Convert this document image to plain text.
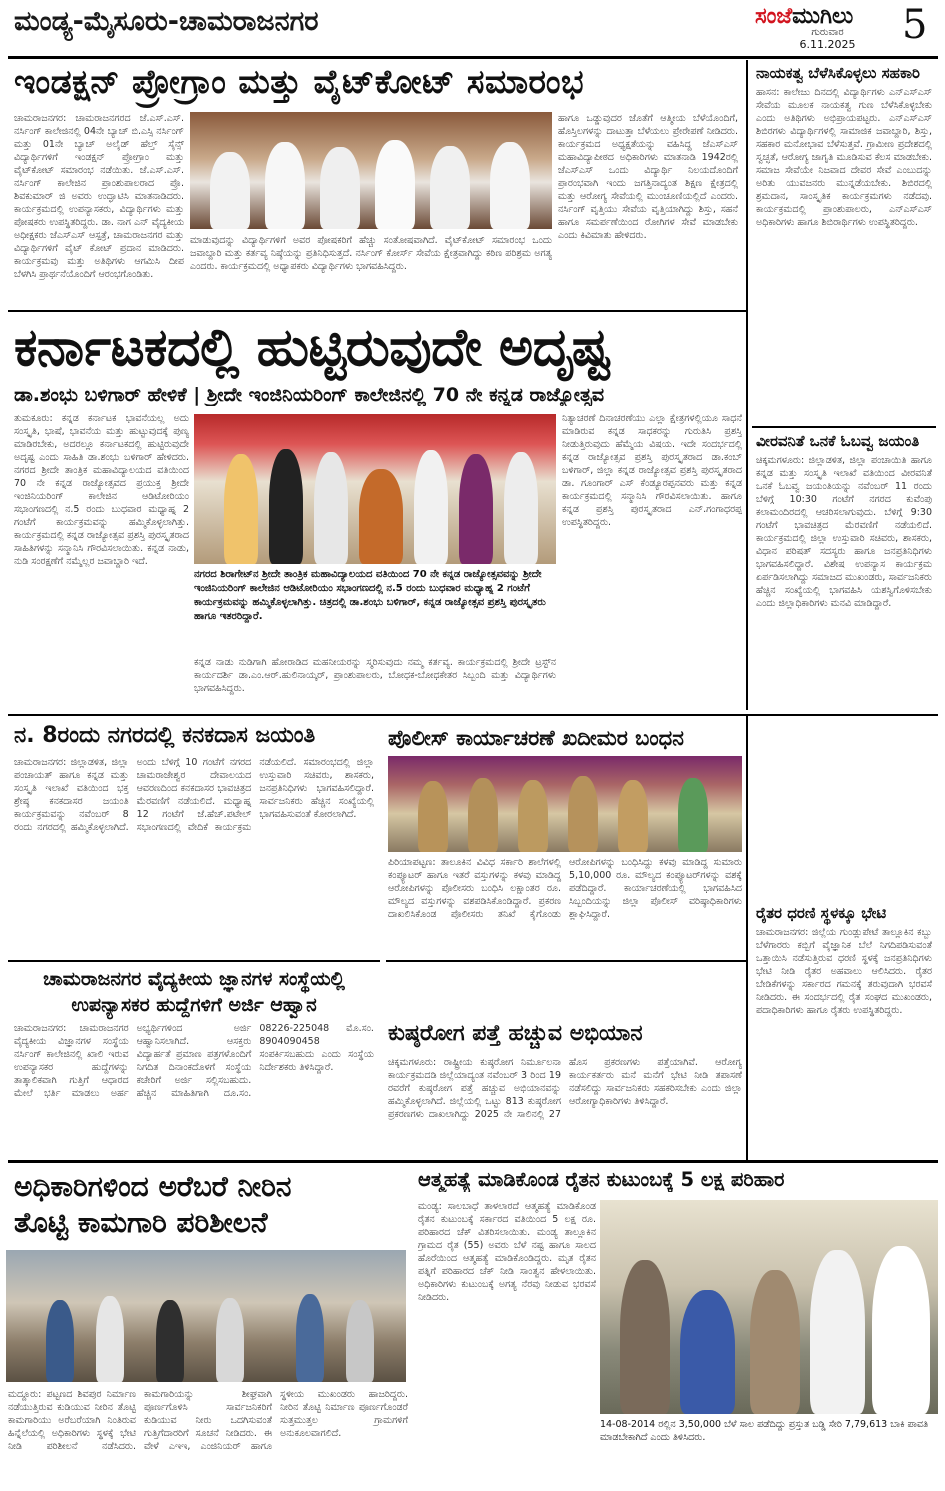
ಮಂಡ್ಯ-ಮೈಸೂರು-ಚಾಮರಾಜನಗರ	ಸಂಜೆಮುಗಿಲು
ಗುರುವಾರ
6.11.2025	5
ಇಂಡಕ್ಷನ್ ಪ್ರೋಗ್ರಾಂ ಮತ್ತು ವೈಟ್‌ಕೋಟ್ ಸಮಾರಂಭ
ಚಾಮರಾಜನಗರ: ಚಾಮರಾಜನಗರದ ಜೆ.ಎಸ್.ಎಸ್. ನರ್ಸಿಂಗ್ ಕಾಲೇಜಿನಲ್ಲಿ 04ನೇ ಬ್ಯಾಚ್ ಬಿ.ಎಸ್ಸಿ ನರ್ಸಿಂಗ್ ಮತ್ತು 01ನೇ ಬ್ಯಾಚ್ ಅಲೈಡ್ ಹೆಲ್ತ್ ಸೈನ್ಸ್ ವಿದ್ಯಾರ್ಥಿಗಳಿಗೆ ಇಂಡಕ್ಷನ್ ಪ್ರೋಗ್ರಾಂ ಮತ್ತು ವೈಟ್‌ಕೋಟ್ ಸಮಾರಂಭ ನಡೆಯಿತು. ಜೆ.ಎಸ್.ಎಸ್. ನರ್ಸಿಂಗ್ ಕಾಲೇಜಿನ ಪ್ರಾಂಶುಪಾಲರಾದ ಪ್ರೊ. ಶಿವಕುಮಾರ್ ಜಿ ಅವರು ಉದ್ಘಾಟಿಸಿ ಮಾತನಾಡಿದರು. ಕಾರ್ಯಕ್ರಮದಲ್ಲಿ ಉಪನ್ಯಾಸಕರು, ವಿದ್ಯಾರ್ಥಿಗಳು ಮತ್ತು ಪೋಷಕರು ಉಪಸ್ಥಿತರಿದ್ದರು. ಡಾ. ನಾಗ ಎನ್ ವೈದ್ಯಕೀಯ ಅಧೀಕ್ಷಕರು ಜೆಎಸ್‌ಎಸ್ ಆಸ್ಪತ್ರೆ, ಚಾಮರಾಜನಗರ ಮತ್ತು ವಿದ್ಯಾರ್ಥಿಗಳಿಗೆ ವೈಟ್ ಕೋಟ್ ಪ್ರದಾನ ಮಾಡಿದರು. ಕಾರ್ಯಕ್ರಮವು ಮತ್ತು ಅತಿಥಿಗಳು ಆಗಮಿಸಿ ದೀಪ ಬೆಳಗಿಸಿ ಪ್ರಾರ್ಥನೆಯೊಂದಿಗೆ ಆರಂಭಗೊಂಡಿತು.
ಮಾಡುವುದನ್ನು ವಿದ್ಯಾರ್ಥಿಗಳಿಗೆ ಅವರ ಪೋಷಕರಿಗೆ ಹೆಚ್ಚು ಸಂತೋಷವಾಗಿದೆ. ವೈಟ್‌ಕೋಟ್ ಸಮಾರಂಭ ಒಂದು ಜವಾಬ್ದಾರಿ ಮತ್ತು ಕರ್ತವ್ಯ ನಿಷ್ಠೆಯನ್ನು ಪ್ರತಿನಿಧಿಸುತ್ತದೆ. ನರ್ಸಿಂಗ್ ಕೋರ್ಸ್ ಸೇವೆಯ ಕ್ಷೇತ್ರವಾಗಿದ್ದು ಕಠಿಣ ಪರಿಶ್ರಮ ಅಗತ್ಯ ಎಂದರು. ಕಾರ್ಯಕ್ರಮದಲ್ಲಿ ಅಧ್ಯಾಪಕರು ವಿದ್ಯಾರ್ಥಿಗಳು ಭಾಗವಹಿಸಿದ್ದರು.
ಹಾಗೂ ಒಡ್ಡುವುದರ ಜೊತೆಗೆ ಆತ್ಮೀಯ ಬೆಳೆಯೊಂದಿಗೆ, ಹೊಸ್ತಿಲಗಳನ್ನು ದಾಟುತ್ತಾ ಬೆಳೆಯಲು ಪ್ರೇರೇಪಣೆ ನೀಡಿದರು. ಕಾರ್ಯಕ್ರಮದ ಅಧ್ಯಕ್ಷತೆಯನ್ನು ವಹಿಸಿದ್ದ ಜೆಎಸ್‌ಎಸ್ ಮಹಾವಿದ್ಯಾಪೀಠದ ಅಧಿಕಾರಿಗಳು ಮಾತನಾಡಿ 1942ರಲ್ಲಿ ಜೆಎಸ್‌ಎಸ್ ಒಂದು ವಿದ್ಯಾರ್ಥಿ ನಿಲಯದೊಂದಿಗೆ ಪ್ರಾರಂಭವಾಗಿ ಇಂದು ಜಗತ್ತಿನಾದ್ಯಂತ ಶಿಕ್ಷಣ ಕ್ಷೇತ್ರದಲ್ಲಿ ಮತ್ತು ಆರೋಗ್ಯ ಸೇವೆಯಲ್ಲಿ ಮುಂಚೂಣಿಯಲ್ಲಿದೆ ಎಂದರು. ನರ್ಸಿಂಗ್ ವೃತ್ತಿಯು ಸೇವೆಯ ವೃತ್ತಿಯಾಗಿದ್ದು ಶಿಸ್ತು, ಸಹನೆ ಹಾಗೂ ಸಮರ್ಪಣೆಯಿಂದ ರೋಗಿಗಳ ಸೇವೆ ಮಾಡಬೇಕು ಎಂದು ಕಿವಿಮಾತು ಹೇಳಿದರು.
ಕರ್ನಾಟಕದಲ್ಲಿ ಹುಟ್ಟಿರುವುದೇ ಅದೃಷ್ಟ
ಡಾ.ಶಂಭು ಬಳಿಗಾರ್ ಹೇಳಿಕೆ | ಶ್ರೀದೇ ಇಂಜಿನಿಯರಿಂಗ್ ಕಾಲೇಜಿನಲ್ಲಿ 70 ನೇ ಕನ್ನಡ ರಾಜ್ಯೋತ್ಸವ
ತುಮಕೂರು: ಕನ್ನಡ ಕರ್ನಾಟಕ ಭಾವನೆಯಲ್ಲ ಅದು ಸಂಸ್ಕೃತಿ, ಭಾಷೆ, ಭಾವನೆಯ ಮತ್ತು ಹುಟ್ಟುವುದಕ್ಕೆ ಪುಣ್ಯ ಮಾಡಿರಬೇಕು, ಅದರಲ್ಲೂ ಕರ್ನಾಟಕದಲ್ಲಿ ಹುಟ್ಟಿರುವುದೇ ಅದೃಷ್ಟ ಎಂದು ಸಾಹಿತಿ ಡಾ.ಶಂಭು ಬಳಿಗಾರ್ ಹೇಳಿದರು. ನಗರದ ಶ್ರೀದೇ ತಾಂತ್ರಿಕ ಮಹಾವಿದ್ಯಾಲಯದ ವತಿಯಿಂದ 70 ನೇ ಕನ್ನಡ ರಾಜ್ಯೋತ್ಸವದ ಪ್ರಯುಕ್ತ ಶ್ರೀದೇ ಇಂಜಿನಿಯರಿಂಗ್ ಕಾಲೇಜಿನ ಆಡಿಟೋರಿಯಂ ಸಭಾಂಗಣದಲ್ಲಿ ನ.5 ರಂದು ಬುಧವಾರ ಮಧ್ಯಾಹ್ನ 2 ಗಂಟೆಗೆ ಕಾರ್ಯಕ್ರಮವನ್ನು ಹಮ್ಮಿಕೊಳ್ಳಲಾಗಿತ್ತು. ಕಾರ್ಯಕ್ರಮದಲ್ಲಿ ಕನ್ನಡ ರಾಜ್ಯೋತ್ಸವ ಪ್ರಶಸ್ತಿ ಪುರಸ್ಕೃತರಾದ ಸಾಹಿತಿಗಳನ್ನು ಸನ್ಮಾನಿಸಿ ಗೌರವಿಸಲಾಯಿತು. ಕನ್ನಡ ನಾಡು, ನುಡಿ ಸಂರಕ್ಷಣೆಗೆ ನಮ್ಮೆಲ್ಲರ ಜವಾಬ್ದಾರಿ ಇದೆ.
ನಗರದ ಶಿರಾಗೇಟ್‌ನ ಶ್ರೀದೇ ತಾಂತ್ರಿಕ ಮಹಾವಿದ್ಯಾಲಯದ ವತಿಯಿಂದ 70 ನೇ ಕನ್ನಡ ರಾಜ್ಯೋತ್ಸವವನ್ನು ಶ್ರೀದೇ ಇಂಜಿನಿಯರಿಂಗ್ ಕಾಲೇಜಿನ ಆಡಿಟೋರಿಯಂ ಸಭಾಂಗಣದಲ್ಲಿ ನ.5 ರಂದು ಬುಧವಾರ ಮಧ್ಯಾಹ್ನ 2 ಗಂಟೆಗೆ ಕಾರ್ಯಕ್ರಮವನ್ನು ಹಮ್ಮಿಕೊಳ್ಳಲಾಗಿತ್ತು. ಚಿತ್ರದಲ್ಲಿ ಡಾ.ಶಂಭು ಬಳಿಗಾರ್, ಕನ್ನಡ ರಾಜ್ಯೋತ್ಸವ ಪ್ರಶಸ್ತಿ ಪುರಸ್ಕೃತರು ಹಾಗೂ ಇತರರಿದ್ದಾರೆ.
ನಿತ್ಯಾಚರಣೆ ದಿನಾಚರಣೆಯು ಎಲ್ಲಾ ಕ್ಷೇತ್ರಗಳಲ್ಲಿಯೂ ಸಾಧನೆ ಮಾಡಿರುವ ಕನ್ನಡ ಸಾಧಕರನ್ನು ಗುರುತಿಸಿ ಪ್ರಶಸ್ತಿ ನೀಡುತ್ತಿರುವುದು ಹೆಮ್ಮೆಯ ವಿಷಯ. ಇದೇ ಸಂದರ್ಭದಲ್ಲಿ ಕನ್ನಡ ರಾಜ್ಯೋತ್ಸವ ಪ್ರಶಸ್ತಿ ಪುರಸ್ಕೃತರಾದ ಡಾ.ಕಂಬ್ ಬಳಿಗಾರ್, ಜಿಲ್ಲಾ ಕನ್ನಡ ರಾಜ್ಯೋತ್ಸವ ಪ್ರಶಸ್ತಿ ಪುರಸ್ಕೃತರಾದ ಡಾ. ಗೂಂಗಾರ್ ಎಸ್ ಕೆಂಡ್ಯೂರಪ್ಪನವರು ಮತ್ತು ಕನ್ನಡ ಕಾರ್ಯಕ್ರಮದಲ್ಲಿ ಸನ್ಮಾನಿಸಿ ಗೌರವಿಸಲಾಯಿತು. ಹಾಗೂ ಕನ್ನಡ ಪ್ರಶಸ್ತಿ ಪುರಸ್ಕೃತರಾದ ಎನ್.ಗಂಗಾಧರಪ್ಪ ಉಪಸ್ಥಿತರಿದ್ದರು.
ಕನ್ನಡ ನಾಡು ನುಡಿಗಾಗಿ ಹೋರಾಡಿದ ಮಹನೀಯರನ್ನು ಸ್ಮರಿಸುವುದು ನಮ್ಮ ಕರ್ತವ್ಯ. ಕಾರ್ಯಕ್ರಮದಲ್ಲಿ ಶ್ರೀದೇ ಟ್ರಸ್ಟ್‌ನ ಕಾರ್ಯದರ್ಶಿ ಡಾ.ಎಂ.ಆರ್.ಹುಲಿನಾಯ್ಕರ್, ಪ್ರಾಂಶುಪಾಲರು, ಬೋಧಕ-ಬೋಧಕೇತರ ಸಿಬ್ಬಂದಿ ಮತ್ತು ವಿದ್ಯಾರ್ಥಿಗಳು ಭಾಗವಹಿಸಿದ್ದರು.
ನಾಯಕತ್ವ ಬೆಳೆಸಿಕೊಳ್ಳಲು ಸಹಕಾರಿ
ಹಾಸನ: ಕಾಲೇಜು ದಿನದಲ್ಲಿ ವಿದ್ಯಾರ್ಥಿಗಳು ಎನ್‌ಎಸ್‌ಎಸ್ ಸೇವೆಯ ಮೂಲಕ ನಾಯಕತ್ವ ಗುಣ ಬೆಳೆಸಿಕೊಳ್ಳಬೇಕು ಎಂದು ಅತಿಥಿಗಳು ಅಭಿಪ್ರಾಯಪಟ್ಟರು. ಎನ್‌ಎಸ್‌ಎಸ್ ಶಿಬಿರಗಳು ವಿದ್ಯಾರ್ಥಿಗಳಲ್ಲಿ ಸಾಮಾಜಿಕ ಜವಾಬ್ದಾರಿ, ಶಿಸ್ತು, ಸಹಕಾರ ಮನೋಭಾವ ಬೆಳೆಸುತ್ತವೆ. ಗ್ರಾಮೀಣ ಪ್ರದೇಶದಲ್ಲಿ ಸ್ವಚ್ಛತೆ, ಆರೋಗ್ಯ ಜಾಗೃತಿ ಮೂಡಿಸುವ ಕೆಲಸ ಮಾಡಬೇಕು. ಸಮಾಜ ಸೇವೆಯೇ ನಿಜವಾದ ದೇವರ ಸೇವೆ ಎಂಬುದನ್ನು ಅರಿತು ಯುವಜನರು ಮುನ್ನಡೆಯಬೇಕು. ಶಿಬಿರದಲ್ಲಿ ಶ್ರಮದಾನ, ಸಾಂಸ್ಕೃತಿಕ ಕಾರ್ಯಕ್ರಮಗಳು ನಡೆದವು. ಕಾರ್ಯಕ್ರಮದಲ್ಲಿ ಪ್ರಾಂಶುಪಾಲರು, ಎನ್‌ಎಸ್‌ಎಸ್ ಅಧಿಕಾರಿಗಳು ಹಾಗೂ ಶಿಬಿರಾರ್ಥಿಗಳು ಉಪಸ್ಥಿತರಿದ್ದರು.
ವೀರವನಿತೆ ಒನಕೆ ಓಬವ್ವ ಜಯಂತಿ
ಚಿಕ್ಕಮಗಳೂರು: ಜಿಲ್ಲಾಡಳಿತ, ಜಿಲ್ಲಾ ಪಂಚಾಯಿತಿ ಹಾಗೂ ಕನ್ನಡ ಮತ್ತು ಸಂಸ್ಕೃತಿ ಇಲಾಖೆ ವತಿಯಿಂದ ವೀರವನಿತೆ ಒನಕೆ ಓಬವ್ವ ಜಯಂತಿಯನ್ನು ನವೆಂಬರ್ 11 ರಂದು ಬೆಳಿಗ್ಗೆ 10:30 ಗಂಟೆಗೆ ನಗರದ ಕುವೆಂಪು ಕಲಾಮಂದಿರದಲ್ಲಿ ಆಚರಿಸಲಾಗುವುದು. ಬೆಳಿಗ್ಗೆ 9:30 ಗಂಟೆಗೆ ಭಾವಚಿತ್ರದ ಮೆರವಣಿಗೆ ನಡೆಯಲಿದೆ. ಕಾರ್ಯಕ್ರಮದಲ್ಲಿ ಜಿಲ್ಲಾ ಉಸ್ತುವಾರಿ ಸಚಿವರು, ಶಾಸಕರು, ವಿಧಾನ ಪರಿಷತ್ ಸದಸ್ಯರು ಹಾಗೂ ಜನಪ್ರತಿನಿಧಿಗಳು ಭಾಗವಹಿಸಲಿದ್ದಾರೆ. ವಿಶೇಷ ಉಪನ್ಯಾಸ ಕಾರ್ಯಕ್ರಮ ಏರ್ಪಡಿಸಲಾಗಿದ್ದು ಸಮಾಜದ ಮುಖಂಡರು, ಸಾರ್ವಜನಿಕರು ಹೆಚ್ಚಿನ ಸಂಖ್ಯೆಯಲ್ಲಿ ಭಾಗವಹಿಸಿ ಯಶಸ್ವಿಗೊಳಿಸಬೇಕು ಎಂದು ಜಿಲ್ಲಾಧಿಕಾರಿಗಳು ಮನವಿ ಮಾಡಿದ್ದಾರೆ.
ನ. 8ರಂದು ನಗರದಲ್ಲಿ ಕನಕದಾಸ ಜಯಂತಿ
ಚಾಮರಾಜನಗರ: ಜಿಲ್ಲಾಡಳಿತ, ಜಿಲ್ಲಾ ಪಂಚಾಯತ್ ಹಾಗೂ ಕನ್ನಡ ಮತ್ತು ಸಂಸ್ಕೃತಿ ಇಲಾಖೆ ವತಿಯಿಂದ ಭಕ್ತ ಶ್ರೇಷ್ಠ ಕನಕದಾಸರ ಜಯಂತಿ ಕಾರ್ಯಕ್ರಮವನ್ನು ನವೆಂಬರ್ 8 ರಂದು ನಗರದಲ್ಲಿ ಹಮ್ಮಿಕೊಳ್ಳಲಾಗಿದೆ. ಅಂದು ಬೆಳಿಗ್ಗೆ 10 ಗಂಟೆಗೆ ನಗರದ ಚಾಮರಾಜೇಶ್ವರ ದೇವಾಲಯದ ಆವರಣದಿಂದ ಕನಕದಾಸರ ಭಾವಚಿತ್ರದ ಮೆರವಣಿಗೆ ನಡೆಯಲಿದೆ. ಮಧ್ಯಾಹ್ನ 12 ಗಂಟೆಗೆ ಜೆ.ಹೆಚ್.ಪಟೇಲ್ ಸಭಾಂಗಣದಲ್ಲಿ ವೇದಿಕೆ ಕಾರ್ಯಕ್ರಮ ನಡೆಯಲಿದೆ. ಸಮಾರಂಭದಲ್ಲಿ ಜಿಲ್ಲಾ ಉಸ್ತುವಾರಿ ಸಚಿವರು, ಶಾಸಕರು, ಜನಪ್ರತಿನಿಧಿಗಳು ಭಾಗವಹಿಸಲಿದ್ದಾರೆ. ಸಾರ್ವಜನಿಕರು ಹೆಚ್ಚಿನ ಸಂಖ್ಯೆಯಲ್ಲಿ ಭಾಗವಹಿಸುವಂತೆ ಕೋರಲಾಗಿದೆ.
ಪೊಲೀಸ್ ಕಾರ್ಯಾಚರಣೆ ಖದೀಮರ ಬಂಧನ
ಪಿರಿಯಾಪಟ್ಟಣ: ತಾಲೂಕಿನ ವಿವಿಧ ಸರ್ಕಾರಿ ಶಾಲೆಗಳಲ್ಲಿ ಕಂಪ್ಯೂಟರ್ ಹಾಗೂ ಇತರೆ ವಸ್ತುಗಳನ್ನು ಕಳವು ಮಾಡಿದ್ದ ಆರೋಪಿಗಳನ್ನು ಪೊಲೀಸರು ಬಂಧಿಸಿ ಲಕ್ಷಾಂತರ ರೂ. ಮೌಲ್ಯದ ವಸ್ತುಗಳನ್ನು ವಶಪಡಿಸಿಕೊಂಡಿದ್ದಾರೆ. ಪ್ರಕರಣ ದಾಖಲಿಸಿಕೊಂಡ ಪೊಲೀಸರು ತನಿಖೆ ಕೈಗೊಂಡು ಆರೋಪಿಗಳನ್ನು ಬಂಧಿಸಿದ್ದು ಕಳವು ಮಾಡಿದ್ದ ಸುಮಾರು 5,10,000 ರೂ. ಮೌಲ್ಯದ ಕಂಪ್ಯೂಟರ್‌ಗಳನ್ನು ವಶಕ್ಕೆ ಪಡೆದಿದ್ದಾರೆ. ಕಾರ್ಯಾಚರಣೆಯಲ್ಲಿ ಭಾಗವಹಿಸಿದ ಸಿಬ್ಬಂದಿಯನ್ನು ಜಿಲ್ಲಾ ಪೊಲೀಸ್ ವರಿಷ್ಠಾಧಿಕಾರಿಗಳು ಶ್ಲಾಘಿಸಿದ್ದಾರೆ.
ಚಾಮರಾಜನಗರ ವೈದ್ಯಕೀಯ ಜ್ಞಾನಗಳ ಸಂಸ್ಥೆಯಲ್ಲಿ ಉಪನ್ಯಾಸಕರ ಹುದ್ದೆಗಳಿಗೆ ಅರ್ಜಿ ಆಹ್ವಾನ
ಚಾಮರಾಜನಗರ: ಚಾಮರಾಜನಗರ ವೈದ್ಯಕೀಯ ವಿಜ್ಞಾನಗಳ ಸಂಸ್ಥೆಯ ನರ್ಸಿಂಗ್ ಕಾಲೇಜಿನಲ್ಲಿ ಖಾಲಿ ಇರುವ ಉಪನ್ಯಾಸಕರ ಹುದ್ದೆಗಳನ್ನು ತಾತ್ಕಾಲಿಕವಾಗಿ ಗುತ್ತಿಗೆ ಆಧಾರದ ಮೇಲೆ ಭರ್ತಿ ಮಾಡಲು ಅರ್ಹ ಅಭ್ಯರ್ಥಿಗಳಿಂದ ಅರ್ಜಿ ಆಹ್ವಾನಿಸಲಾಗಿದೆ. ಆಸಕ್ತರು ವಿದ್ಯಾರ್ಹತೆ ಪ್ರಮಾಣ ಪತ್ರಗಳೊಂದಿಗೆ ನಿಗದಿತ ದಿನಾಂಕದೊಳಗೆ ಸಂಸ್ಥೆಯ ಕಚೇರಿಗೆ ಅರ್ಜಿ ಸಲ್ಲಿಸಬಹುದು. ಹೆಚ್ಚಿನ ಮಾಹಿತಿಗಾಗಿ ದೂ.ಸಂ. 08226-225048 ಮೊ.ಸಂ. 8904090458 ಸಂಪರ್ಕಿಸಬಹುದು ಎಂದು ಸಂಸ್ಥೆಯ ನಿರ್ದೇಶಕರು ತಿಳಿಸಿದ್ದಾರೆ.
ಕುಷ್ಠರೋಗ ಪತ್ತೆ ಹಚ್ಚುವ ಅಭಿಯಾನ
ಚಿಕ್ಕಮಗಳೂರು: ರಾಷ್ಟ್ರೀಯ ಕುಷ್ಠರೋಗ ನಿರ್ಮೂಲನಾ ಕಾರ್ಯಕ್ರಮದಡಿ ಜಿಲ್ಲೆಯಾದ್ಯಂತ ನವೆಂಬರ್ 3 ರಿಂದ 19 ರವರೆಗೆ ಕುಷ್ಠರೋಗ ಪತ್ತೆ ಹಚ್ಚುವ ಅಭಿಯಾನವನ್ನು ಹಮ್ಮಿಕೊಳ್ಳಲಾಗಿದೆ. ಜಿಲ್ಲೆಯಲ್ಲಿ ಒಟ್ಟು 813 ಕುಷ್ಠರೋಗ ಪ್ರಕರಣಗಳು ದಾಖಲಾಗಿದ್ದು 2025 ನೇ ಸಾಲಿನಲ್ಲಿ 27 ಹೊಸ ಪ್ರಕರಣಗಳು ಪತ್ತೆಯಾಗಿವೆ. ಆರೋಗ್ಯ ಕಾರ್ಯಕರ್ತರು ಮನೆ ಮನೆಗೆ ಭೇಟಿ ನೀಡಿ ತಪಾಸಣೆ ನಡೆಸಲಿದ್ದು ಸಾರ್ವಜನಿಕರು ಸಹಕರಿಸಬೇಕು ಎಂದು ಜಿಲ್ಲಾ ಆರೋಗ್ಯಾಧಿಕಾರಿಗಳು ತಿಳಿಸಿದ್ದಾರೆ.
ರೈತರ ಧರಣಿ ಸ್ಥಳಕ್ಕೂ ಭೇಟಿ
ಚಾಮರಾಜನಗರ: ಜಿಲ್ಲೆಯ ಗುಂಡ್ಲುಪೇಟೆ ತಾಲ್ಲೂಕಿನ ಕಬ್ಬು ಬೆಳೆಗಾರರು ಕಬ್ಬಿಗೆ ವೈಜ್ಞಾನಿಕ ಬೆಲೆ ನಿಗದಿಪಡಿಸುವಂತೆ ಒತ್ತಾಯಿಸಿ ನಡೆಸುತ್ತಿರುವ ಧರಣಿ ಸ್ಥಳಕ್ಕೆ ಜನಪ್ರತಿನಿಧಿಗಳು ಭೇಟಿ ನೀಡಿ ರೈತರ ಅಹವಾಲು ಆಲಿಸಿದರು. ರೈತರ ಬೇಡಿಕೆಗಳನ್ನು ಸರ್ಕಾರದ ಗಮನಕ್ಕೆ ತರುವುದಾಗಿ ಭರವಸೆ ನೀಡಿದರು. ಈ ಸಂದರ್ಭದಲ್ಲಿ ರೈತ ಸಂಘದ ಮುಖಂಡರು, ಪದಾಧಿಕಾರಿಗಳು ಹಾಗೂ ರೈತರು ಉಪಸ್ಥಿತರಿದ್ದರು.
ಅಧಿಕಾರಿಗಳಿಂದ ಅರೆಬರೆ ನೀರಿನ
ತೊಟ್ಟಿ ಕಾಮಗಾರಿ ಪರಿಶೀಲನೆ
ಮದ್ದೂರು: ಪಟ್ಟಣದ ಶಿವಪುರ ನಿರ್ಮಾಣ ನಡೆಯುತ್ತಿರುವ ಕುಡಿಯುವ ನೀರಿನ ತೊಟ್ಟಿ ಕಾಮಗಾರಿಯು ಅರೆಬರೆಯಾಗಿ ನಿಂತಿರುವ ಹಿನ್ನೆಲೆಯಲ್ಲಿ ಅಧಿಕಾರಿಗಳು ಸ್ಥಳಕ್ಕೆ ಭೇಟಿ ನೀಡಿ ಪರಿಶೀಲನೆ ನಡೆಸಿದರು. ಕಾಮಗಾರಿಯನ್ನು ಶೀಘ್ರವಾಗಿ ಪೂರ್ಣಗೊಳಿಸಿ ಸಾರ್ವಜನಿಕರಿಗೆ ಕುಡಿಯುವ ನೀರು ಒದಗಿಸುವಂತೆ ಗುತ್ತಿಗೆದಾರರಿಗೆ ಸೂಚನೆ ನೀಡಿದರು. ಈ ವೇಳೆ ಎಇಇ, ಎಂಜಿನಿಯರ್ ಹಾಗೂ ಸ್ಥಳೀಯ ಮುಖಂಡರು ಹಾಜರಿದ್ದರು. ನೀರಿನ ತೊಟ್ಟಿ ನಿರ್ಮಾಣ ಪೂರ್ಣಗೊಂಡರೆ ಸುತ್ತಮುತ್ತಲ ಗ್ರಾಮಗಳಿಗೆ ಅನುಕೂಲವಾಗಲಿದೆ.
ಆತ್ಮಹತ್ಯೆ ಮಾಡಿಕೊಂಡ ರೈತನ ಕುಟುಂಬಕ್ಕೆ 5 ಲಕ್ಷ ಪರಿಹಾರ
ಮಂಡ್ಯ: ಸಾಲಬಾಧೆ ತಾಳಲಾರದೆ ಆತ್ಮಹತ್ಯೆ ಮಾಡಿಕೊಂಡ ರೈತನ ಕುಟುಂಬಕ್ಕೆ ಸರ್ಕಾರದ ವತಿಯಿಂದ 5 ಲಕ್ಷ ರೂ. ಪರಿಹಾರದ ಚೆಕ್ ವಿತರಿಸಲಾಯಿತು. ಮಂಡ್ಯ ತಾಲ್ಲೂಕಿನ ಗ್ರಾಮದ ರೈತ (55) ಅವರು ಬೆಳೆ ನಷ್ಟ ಹಾಗೂ ಸಾಲದ ಹೊರೆಯಿಂದ ಆತ್ಮಹತ್ಯೆ ಮಾಡಿಕೊಂಡಿದ್ದರು. ಮೃತ ರೈತನ ಪತ್ನಿಗೆ ಪರಿಹಾರದ ಚೆಕ್ ನೀಡಿ ಸಾಂತ್ವನ ಹೇಳಲಾಯಿತು. ಅಧಿಕಾರಿಗಳು ಕುಟುಂಬಕ್ಕೆ ಅಗತ್ಯ ನೆರವು ನೀಡುವ ಭರವಸೆ ನೀಡಿದರು.
14-08-2014 ರಲ್ಲಿನ 3,50,000 ಬೆಳೆ ಸಾಲ ಪಡೆದಿದ್ದು ಪ್ರಸ್ತುತ ಬಡ್ಡಿ ಸೇರಿ 7,79,613 ಬಾಕಿ ಪಾವತಿ ಮಾಡಬೇಕಾಗಿದೆ ಎಂದು ತಿಳಿಸಿದರು.
